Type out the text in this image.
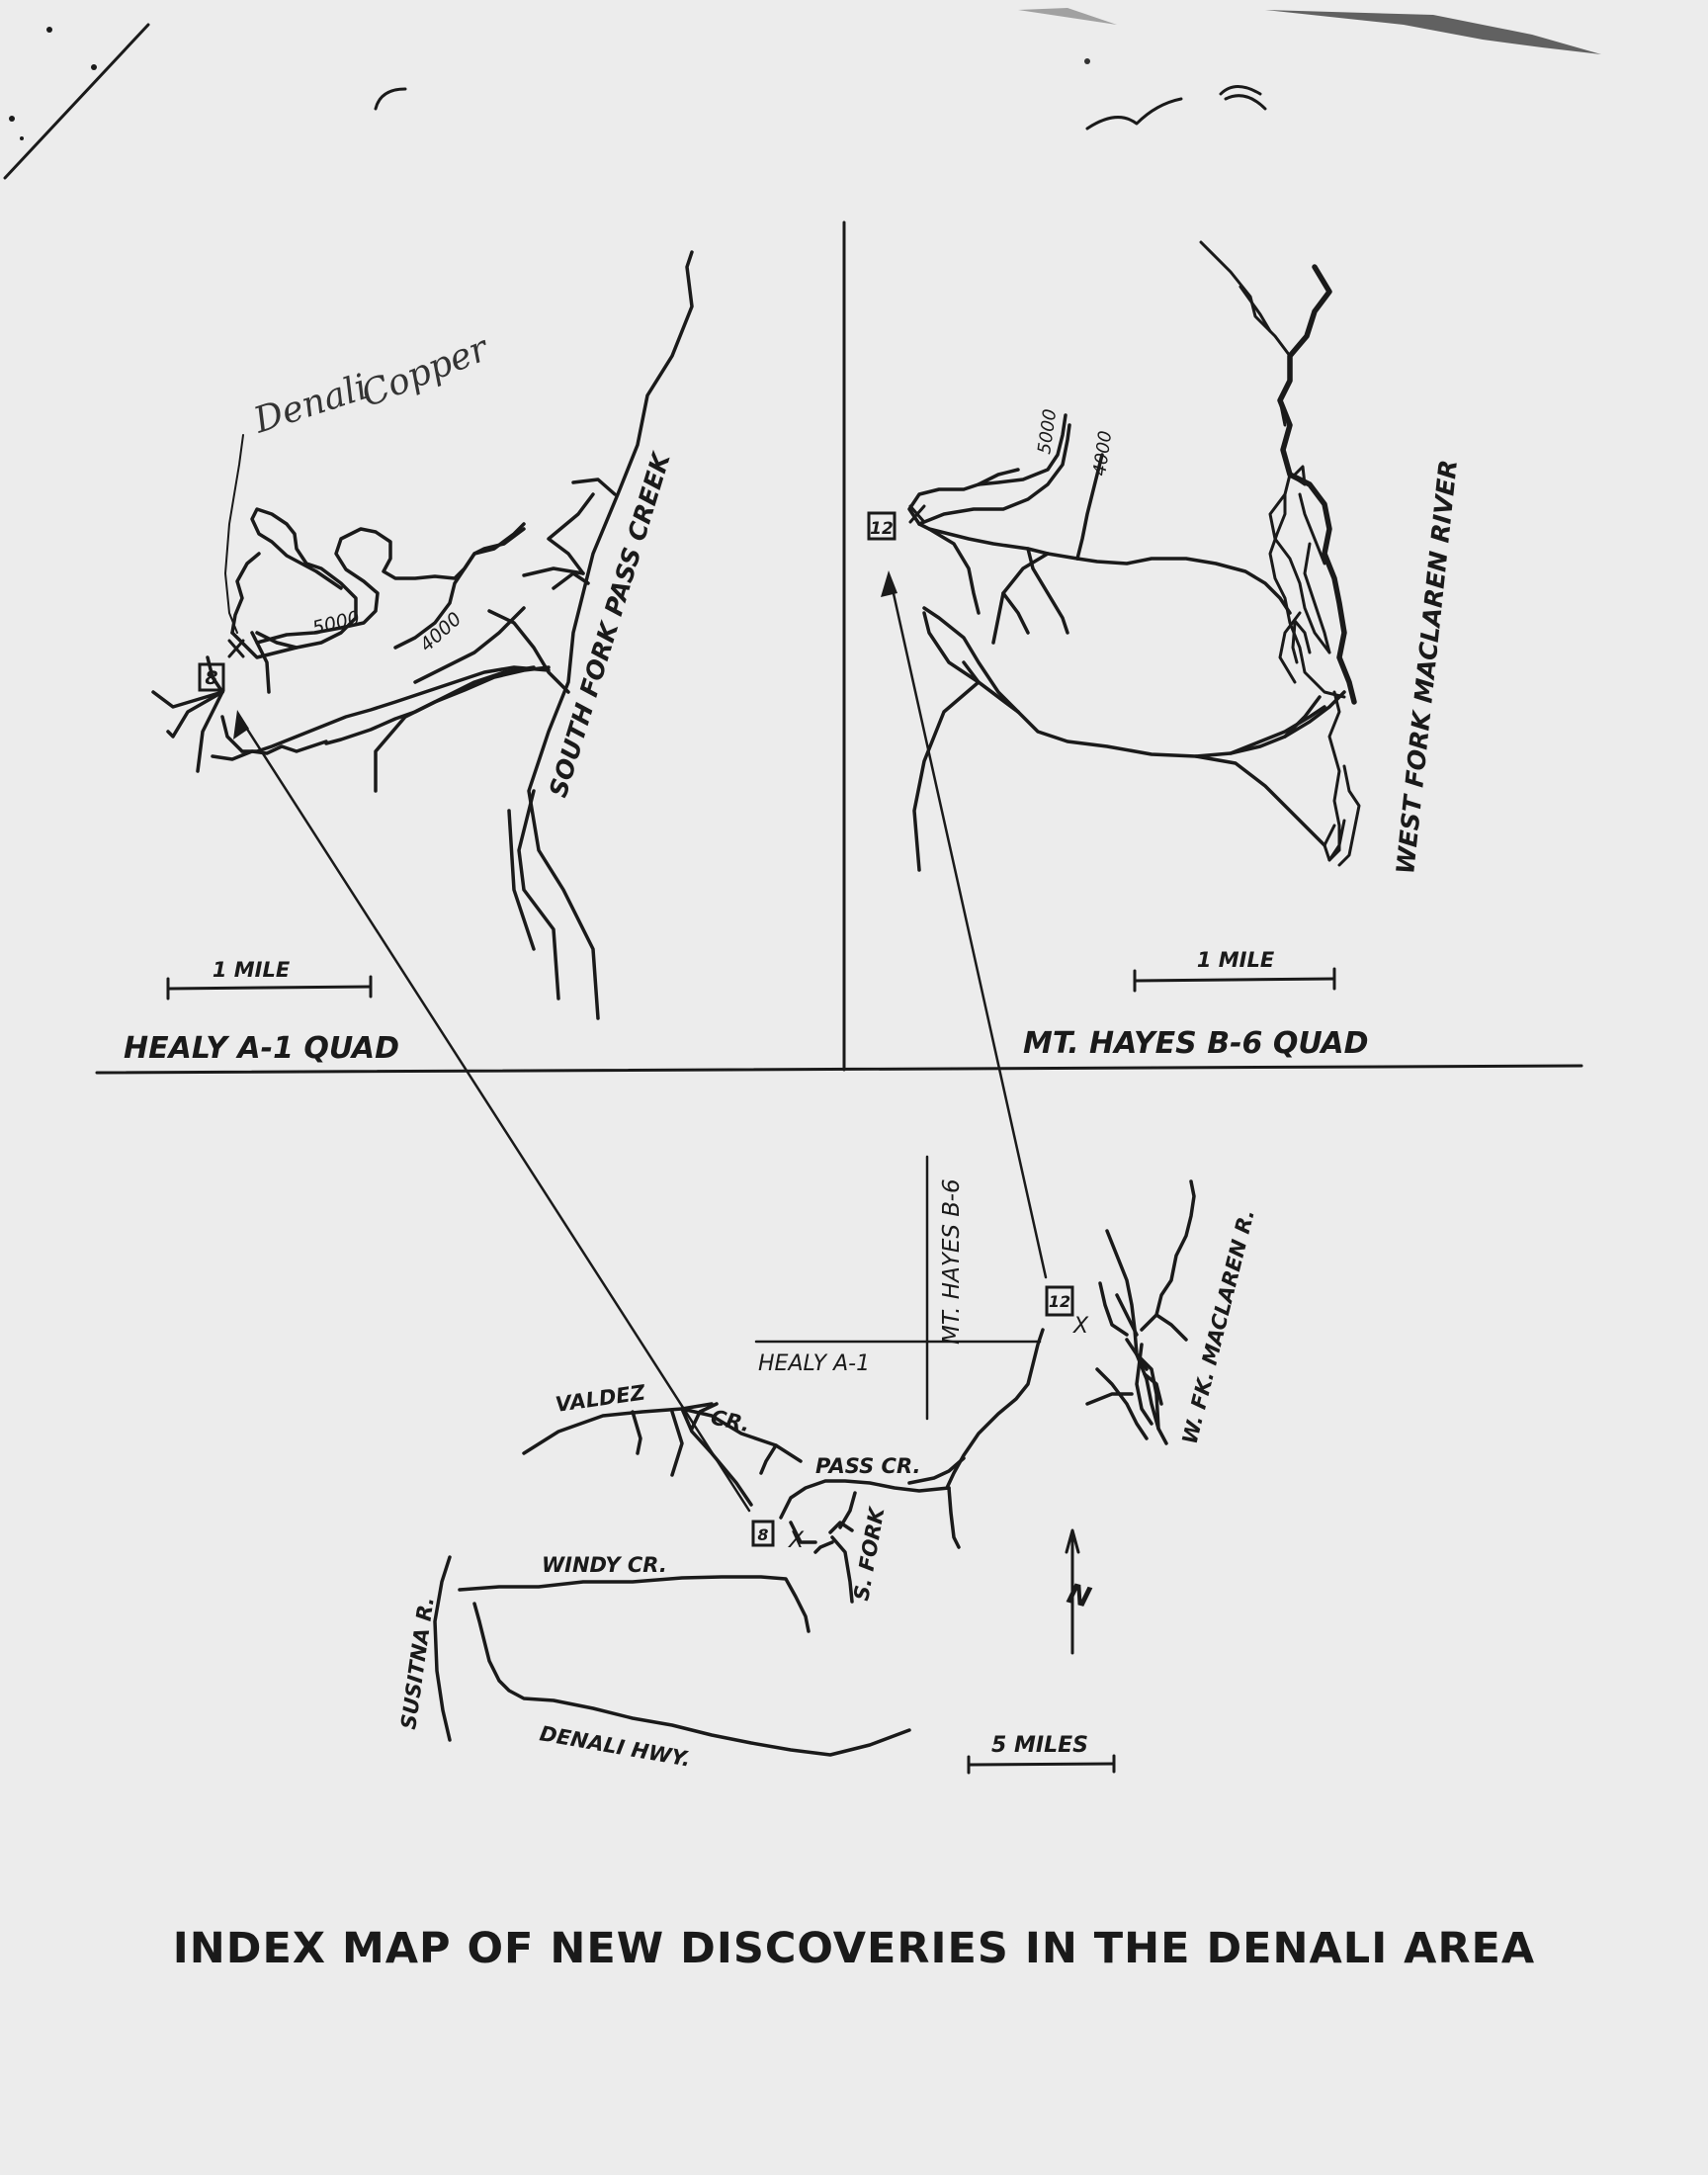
8
5000	4000	SOUTH FORK PASS CREEK
1 MILE
HEALY A-1 QUAD
Denali
Copper
12
5000 4000
WEST FORK MACLAREN RIVER
1 MILE
MT. HAYES B-6 QUAD
HEALY A-1
MT. HAYES B-6
8 X
12
X
VALDEZ
CR.
PASS CR.
S. FORK
WINDY CR.
SUSITNA R.
DENALI HWY.
W. FK. MACLAREN R.
N
5 MILES
INDEX MAP OF NEW DISCOVERIES IN THE DENALI AREA
